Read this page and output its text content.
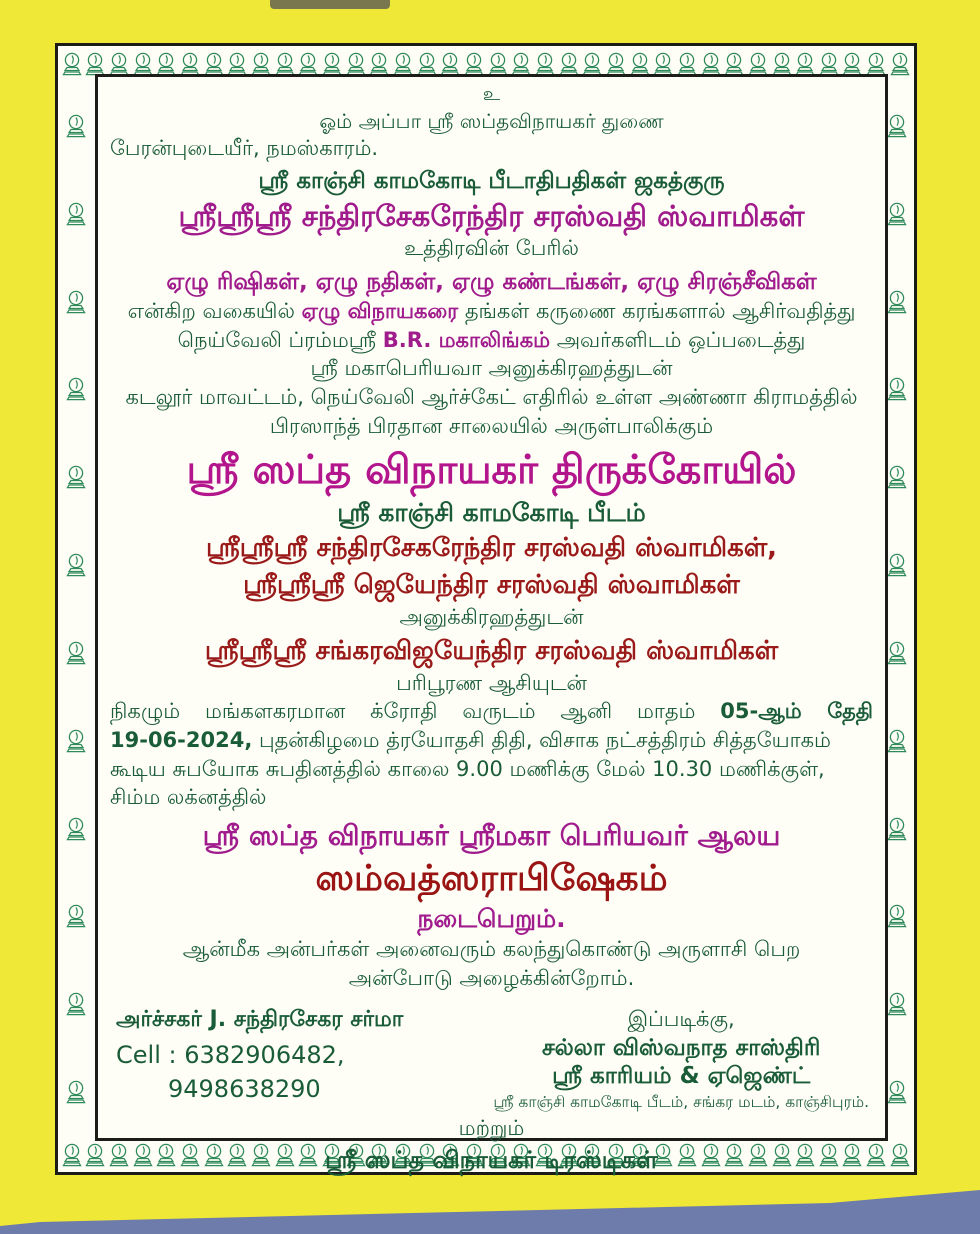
உ
ஓம் அப்பா ஸ்ரீ ஸப்தவிநாயகர் துணை
பேரன்புடையீர், நமஸ்காரம்.
ஸ்ரீ காஞ்சி காமகோடி பீடாதிபதிகள் ஜகத்குரு
ஸ்ரீஸ்ரீஸ்ரீ சந்திரசேகரேந்திர சரஸ்வதி ஸ்வாமிகள்
உத்திரவின் பேரில்
ஏழு ரிஷிகள், ஏழு நதிகள், ஏழு கண்டங்கள், ஏழு சிரஞ்சீவிகள்
என்கிற வகையில் ஏழு விநாயகரை தங்கள் கருணை கரங்களால் ஆசிர்வதித்து
நெய்வேலி ப்ரம்மஸ்ரீ B.R. மகாலிங்கம் அவர்களிடம் ஒப்படைத்து
ஸ்ரீ மகாபெரியவா அனுக்கிரஹத்துடன்
கடலூர் மாவட்டம், நெய்வேலி ஆர்ச்கேட் எதிரில் உள்ள அண்ணா கிராமத்தில்
பிரஸாந்த் பிரதான சாலையில் அருள்பாலிக்கும்
ஸ்ரீ ஸப்த விநாயகர் திருக்கோயில்
ஸ்ரீ காஞ்சி காமகோடி பீடம்
ஸ்ரீஸ்ரீஸ்ரீ சந்திரசேகரேந்திர சரஸ்வதி ஸ்வாமிகள்,
ஸ்ரீஸ்ரீஸ்ரீ ஜெயேந்திர சரஸ்வதி ஸ்வாமிகள்
அனுக்கிரஹத்துடன்
ஸ்ரீஸ்ரீஸ்ரீ சங்கரவிஜயேந்திர சரஸ்வதி ஸ்வாமிகள்
பரிபூரண ஆசியுடன்
நிகழும் மங்களகரமான க்ரோதி வருடம் ஆனி மாதம் 05-ஆம் தேதி
19-06-2024, புதன்கிழமை த்ரயோதசி திதி, விசாக நட்சத்திரம் சித்தயோகம்
கூடிய சுபயோக சுபதினத்தில் காலை 9.00 மணிக்கு மேல் 10.30 மணிக்குள்,
சிம்ம லக்னத்தில்
ஸ்ரீ ஸப்த விநாயகர் ஸ்ரீமகா பெரியவர் ஆலய
ஸம்வத்ஸராபிஷேகம்
நடைபெறும்.
ஆன்மீக அன்பர்கள் அனைவரும் கலந்துகொண்டு அருளாசி பெற
அன்போடு அழைக்கின்றோம்.
அர்ச்சகர் J. சந்திரசேகர சர்மா
Cell : 6382906482,
9498638290
இப்படிக்கு,
சல்லா விஸ்வநாத சாஸ்திரி
ஸ்ரீ காரியம் & ஏஜெண்ட்
ஸ்ரீ காஞ்சி காமகோடி பீடம், சங்கர மடம், காஞ்சிபுரம்.
மற்றும்
ஸ்ரீ ஸப்த விநாயகர் டிரஸ்டிகள்
